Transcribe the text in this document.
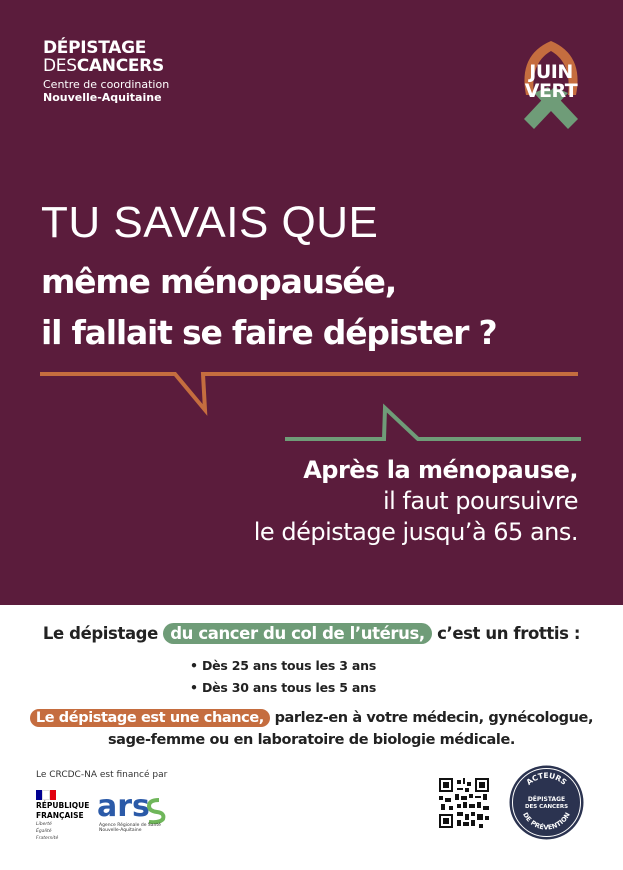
DÉPISTAGE
DESCANCERS
Centre de coordination
Nouvelle-Aquitaine
JUIN
VERT
TU SAVAIS QUE
même ménopausée,
il fallait se faire dépister ?
Après la ménopause,
il faut poursuivre
le dépistage jusqu’à 65 ans.
Le dépistage du cancer du col de l’utérus, c’est un frottis :
• Dès 25 ans tous les 3 ans
• Dès 30 ans tous les 5 ans
Le dépistage est une chance, parlez-en à votre médecin, gynécologue,
sage-femme ou en laboratoire de biologie médicale.
Le CRCDC-NA est financé par
RÉPUBLIQUE
FRANÇAISE
Liberté
Égalité
Fraternité
ars
Agence Régionale de Santé Nouvelle-Aquitaine
ACTEURS
DE PRÉVENTION
DÉPISTAGE
DES CANCERS
